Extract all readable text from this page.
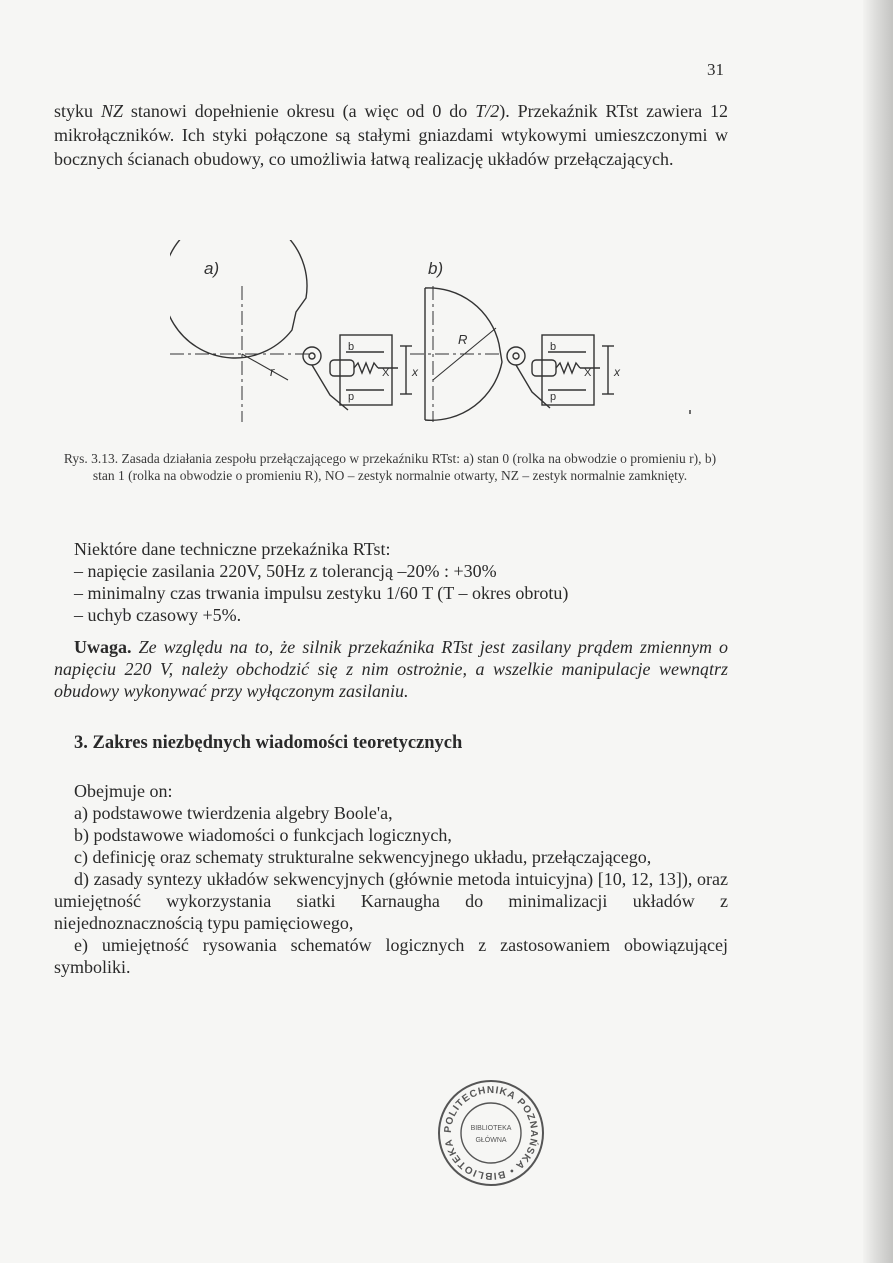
31

styku NZ stanowi dopełnienie okresu (a więc od 0 do T/2). Przekaźnik RTst zawiera 12 mikrołączników. Ich styki połączone są stałymi gniazdami wtykowymi umieszczonymi w bocznych ścianach obudowy, co umożliwia łatwą realizację układów przełączających.

a)	b)
r
R
X x	X x
b
p
b
p

Rys. 3.13. Zasada działania zespołu przełączającego w przekaźniku RTst: a) stan 0 (rolka na obwodzie o promieniu r), b) stan 1 (rolka na obwodzie o promieniu R), NO – zestyk normalnie otwarty, NZ – zestyk normalnie zamknięty.

Niektóre dane techniczne przekaźnika RTst:
– napięcie zasilania 220V, 50Hz z tolerancją –20% : +30%
– minimalny czas trwania impulsu zestyku 1/60 T (T – okres obrotu)
– uchyb czasowy +5%.

Uwaga. Ze względu na to, że silnik przekaźnika RTst jest zasilany prądem zmiennym o napięciu 220 V, należy obchodzić się z nim ostrożnie, a wszelkie manipulacje wewnątrz obudowy wykonywać przy wyłączonym zasilaniu.

3. Zakres niezbędnych wiadomości teoretycznych

Obejmuje on:

a) podstawowe twierdzenia algebry Boole'a,

b) podstawowe wiadomości o funkcjach logicznych,

c) definicję oraz schematy strukturalne sekwencyjnego układu, przełączającego,

d) zasady syntezy układów sekwencyjnych (głównie metoda intuicyjna) [10, 12, 13]), oraz umiejętność wykorzystania siatki Karnaugha do minimalizacji układów z niejednoznacznością typu pamięciowego,

e) umiejętność rysowania schematów logicznych z zastosowaniem obowiązującej symboliki.

POLITECHNIKA POZNAŃSKA • BIBLIOTEKA
BIBLIOTEKA
GŁÓWNA
